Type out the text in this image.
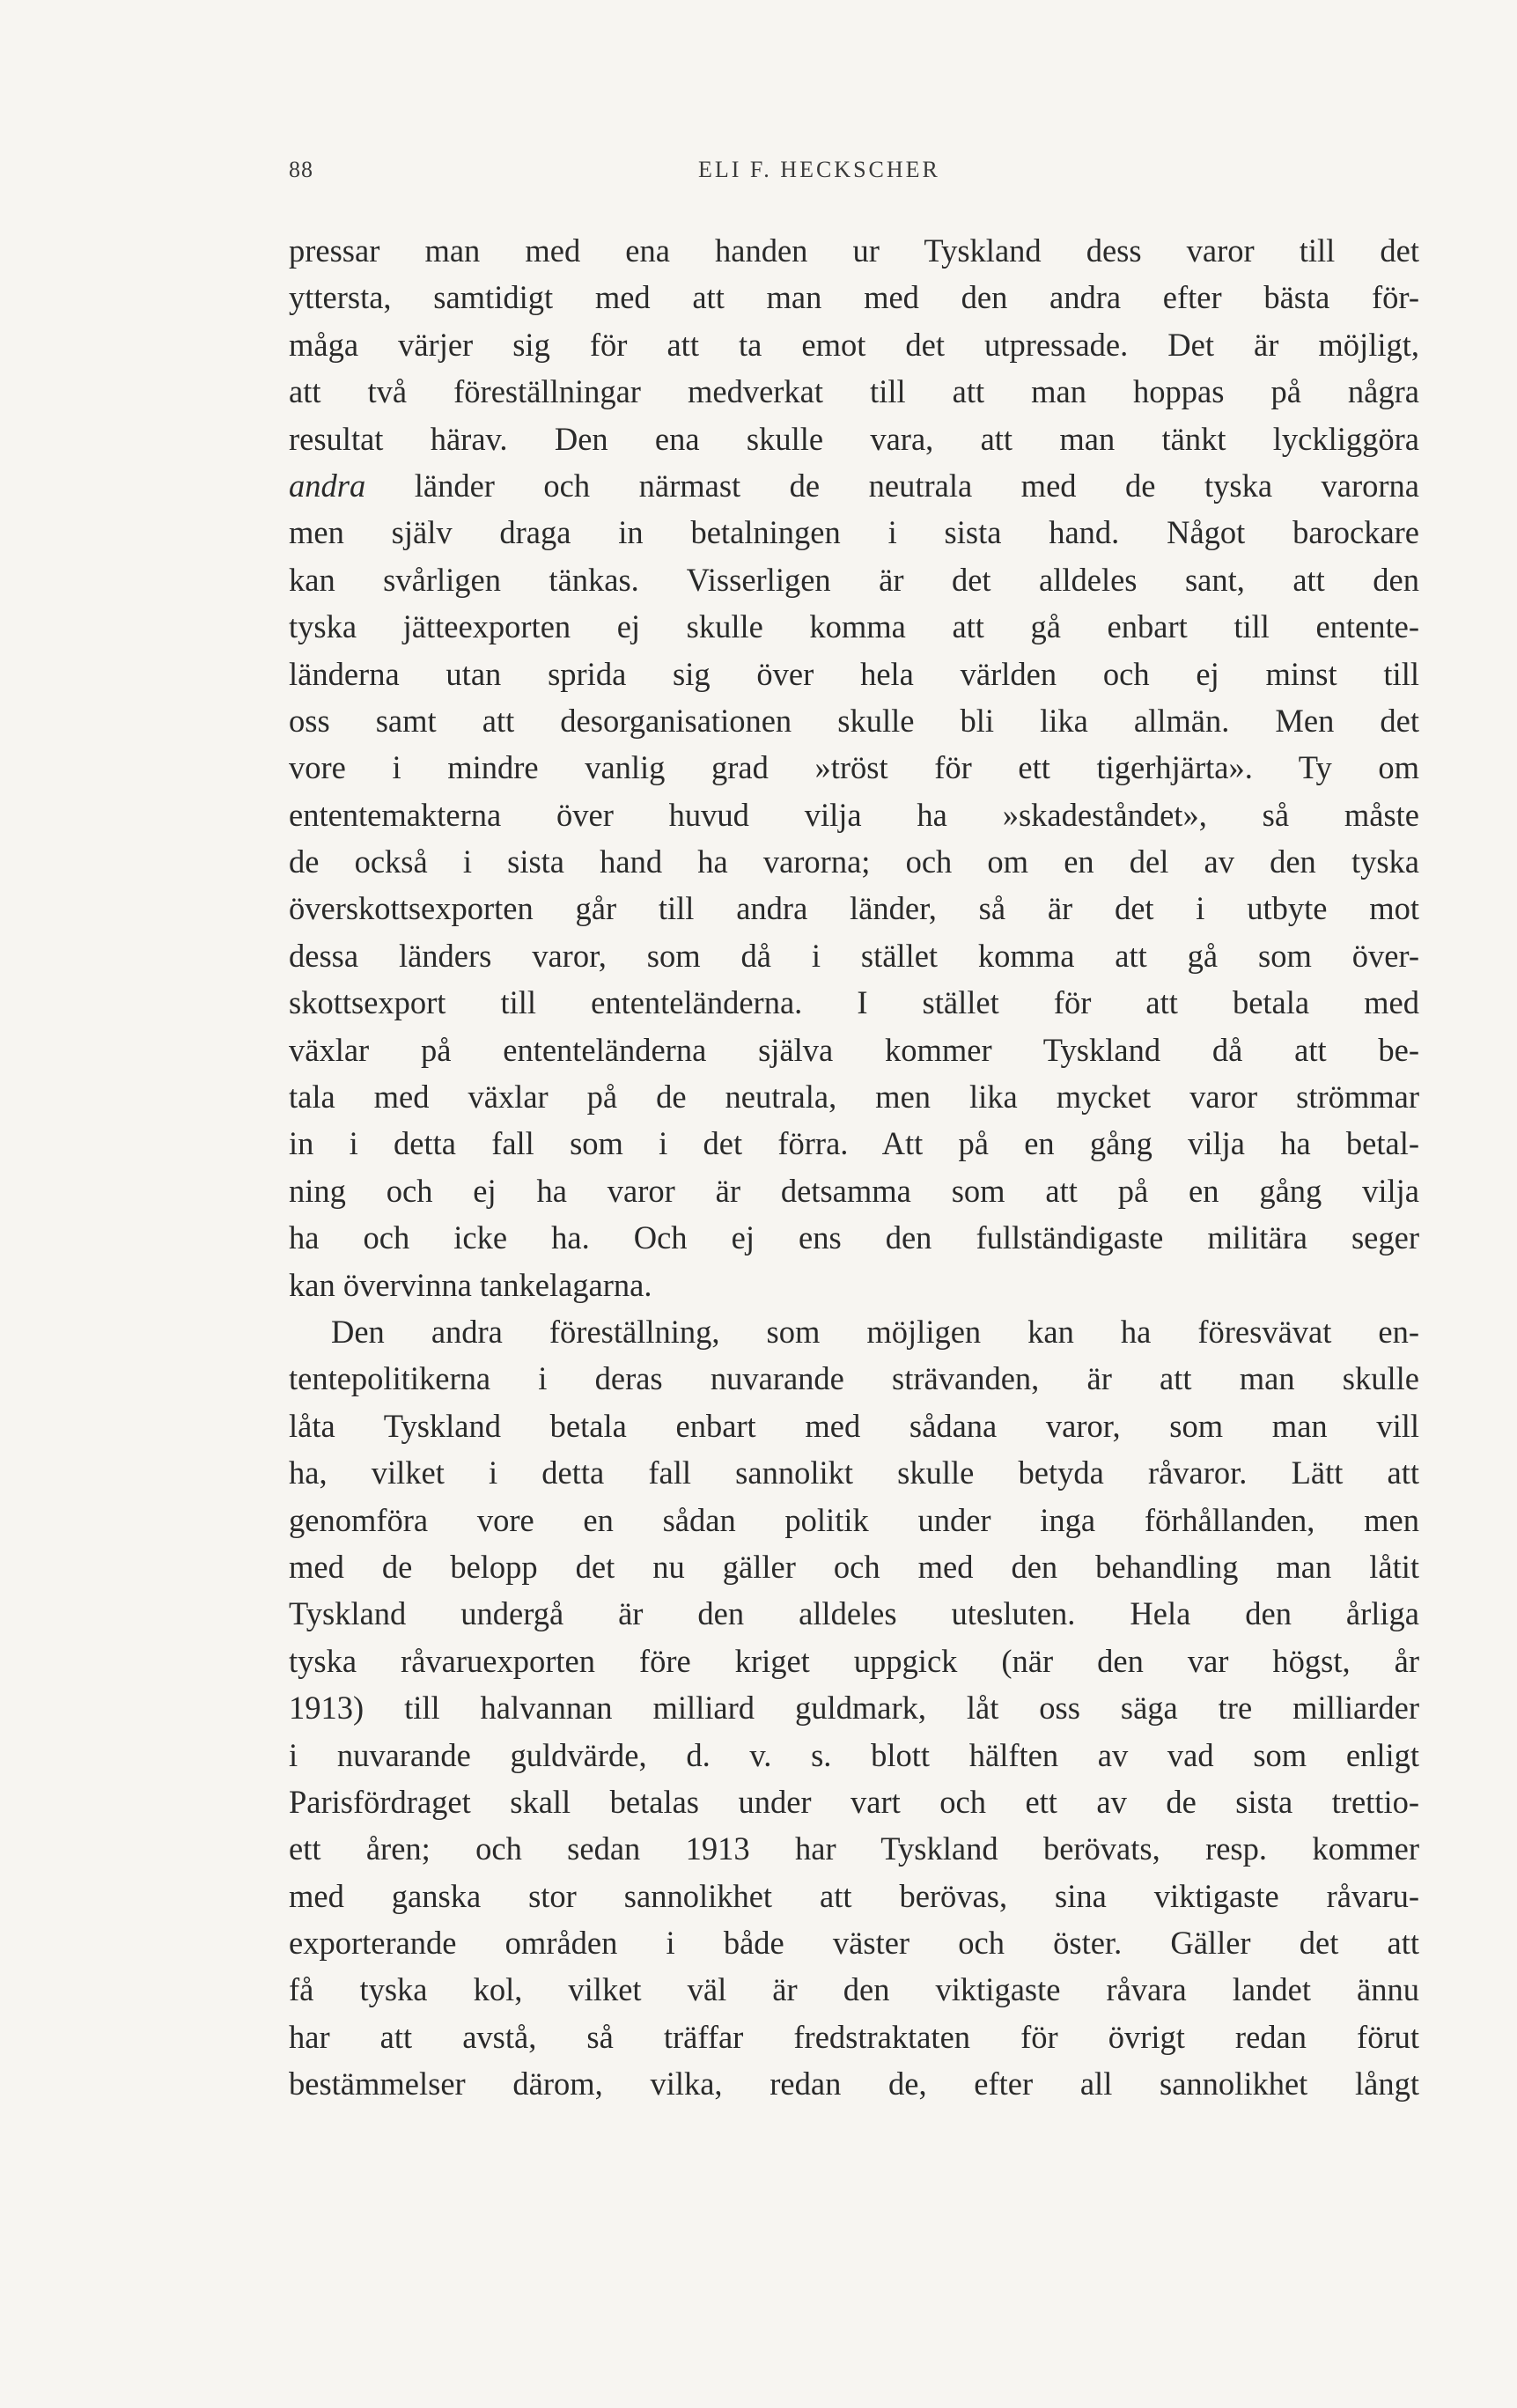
88	ELI F. HECKSCHER
pressar man med ena handen ur Tyskland dess varor till det
yttersta, samtidigt med att man med den andra efter bästa för-
måga värjer sig för att ta emot det utpressade. Det är möjligt,
att två föreställningar medverkat till att man hoppas på några
resultat härav. Den ena skulle vara, att man tänkt lyckliggöra
andra länder och närmast de neutrala med de tyska varorna
men själv draga in betalningen i sista hand. Något barockare
kan svårligen tänkas. Visserligen är det alldeles sant, att den
tyska jätteexporten ej skulle komma att gå enbart till entente-
länderna utan sprida sig över hela världen och ej minst till
oss samt att desorganisationen skulle bli lika allmän. Men det
vore i mindre vanlig grad »tröst för ett tigerhjärta». Ty om
ententemakterna över huvud vilja ha »skadeståndet», så måste
de också i sista hand ha varorna; och om en del av den tyska
överskottsexporten går till andra länder, så är det i utbyte mot
dessa länders varor, som då i stället komma att gå som över-
skottsexport till ententeländerna. I stället för att betala med
växlar på ententeländerna själva kommer Tyskland då att be-
tala med växlar på de neutrala, men lika mycket varor strömmar
in i detta fall som i det förra. Att på en gång vilja ha betal-
ning och ej ha varor är detsamma som att på en gång vilja
ha och icke ha. Och ej ens den fullständigaste militära seger
kan övervinna tankelagarna.
Den andra föreställning, som möjligen kan ha föresvävat en-
tentepolitikerna i deras nuvarande strävanden, är att man skulle
låta Tyskland betala enbart med sådana varor, som man vill
ha, vilket i detta fall sannolikt skulle betyda råvaror. Lätt att
genomföra vore en sådan politik under inga förhållanden, men
med de belopp det nu gäller och med den behandling man låtit
Tyskland undergå är den alldeles utesluten. Hela den årliga
tyska råvaruexporten före kriget uppgick (när den var högst, år
1913) till halvannan milliard guldmark, låt oss säga tre milliarder
i nuvarande guldvärde, d. v. s. blott hälften av vad som enligt
Parisfördraget skall betalas under vart och ett av de sista trettio-
ett åren; och sedan 1913 har Tyskland berövats, resp. kommer
med ganska stor sannolikhet att berövas, sina viktigaste råvaru-
exporterande områden i både väster och öster. Gäller det att
få tyska kol, vilket väl är den viktigaste råvara landet ännu
har att avstå, så träffar fredstraktaten för övrigt redan förut
bestämmelser därom, vilka, redan de, efter all sannolikhet långt
